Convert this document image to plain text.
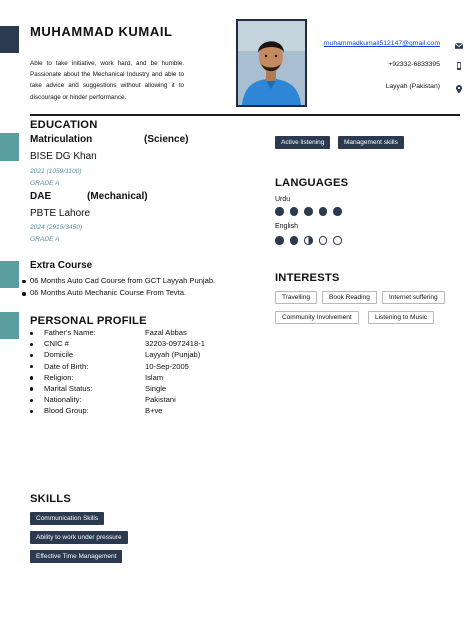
MUHAMMAD KUMAIL
Able to take initiative, work hard, and be humble. Passionate about the Mechanical Industry and able to take advice and suggestions without allowing it to discourage or hinder performance.
muhammadkumail512147@gmail.com
+92332-6833395
Layyah (Pakistan)
EDUCATION
Matriculation	(Science)
BISE DG Khan
2021 (1059/1100)
GRADE A
DAE	(Mechanical)
PBTE Lahore
2024 (2915/3450)
GRADE A
Extra Course
06 Months Auto Cad Course from GCT Layyah Punjab.
06 Months Auto Mechanic Course From Tevta.
PERSONAL PROFILE
Father's Name:	Fazal Abbas
CNIC #	32203-0972418-1
Domicile	Layyah (Punjab)
Date of Birth:	10-Sep-2005
Religion:	Islam
Marital Status:	Single
Nationality:	Pakistani
Blood Group:	B+ve
Active listening	Management skills
LANGUAGES
Urdu
English
INTERESTS
Travelling	Book Reading	Internet suffering
Community Involvement	Listening to Music
SKILLS
Communication Skills
Ability to work under pressure
Effective Time Management
